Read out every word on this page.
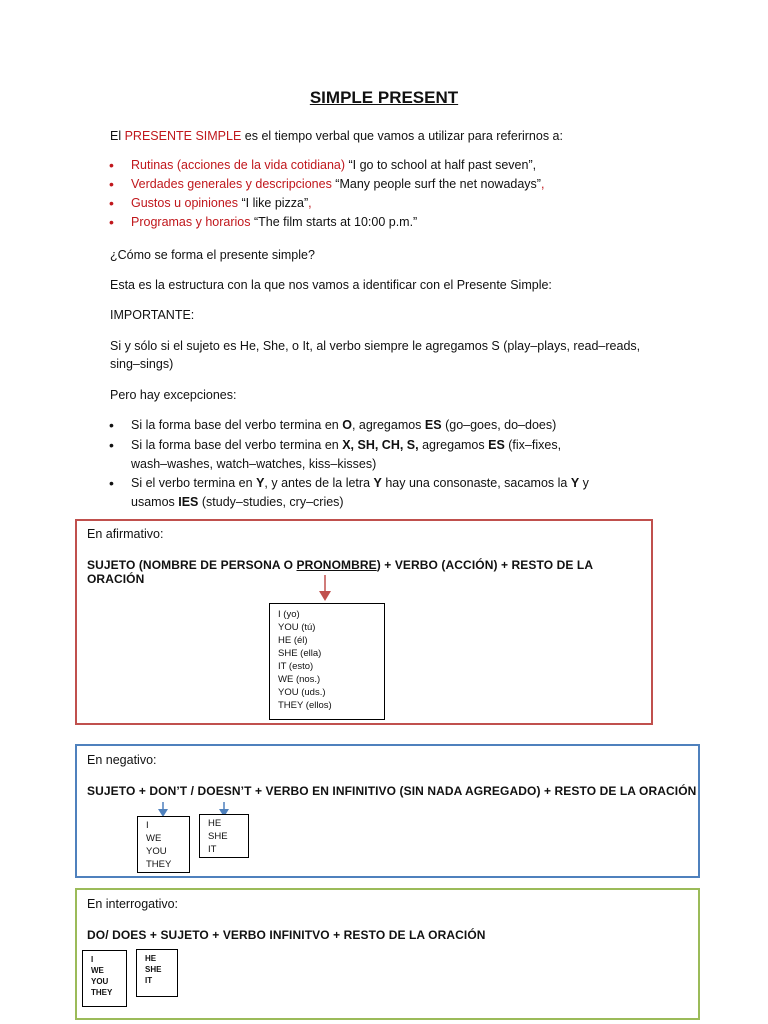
SIMPLE PRESENT
El PRESENTE SIMPLE es el tiempo verbal que vamos a utilizar para referirnos a:
• Rutinas (acciones de la vida cotidiana) “I go to school at half past seven”,
• Verdades generales y descripciones “Many people surf the net nowadays”,
• Gustos u opiniones “I like pizza”,
• Programas y horarios “The film starts at 10:00 p.m.”
¿Cómo se forma el presente simple?
Esta es la estructura con la que nos vamos a identificar con el Presente Simple:
IMPORTANTE:
Si y sólo si el sujeto es He, She, o It, al verbo siempre le agregamos S (play–plays, read–reads,
sing–sings)
Pero hay excepciones:
• Si la forma base del verbo termina en O, agregamos ES (go–goes, do–does)
• Si la forma base del verbo termina en X, SH, CH, S, agregamos ES (fix–fixes,
wash–washes, watch–watches, kiss–kisses)
• Si el verbo termina en Y, y antes de la letra Y hay una consonaste, sacamos la Y y
usamos IES (study–studies, cry–cries)
En afirmativo:
SUJETO (NOMBRE DE PERSONA O PRONOMBRE) + VERBO (ACCIÓN) + RESTO DE LA ORACIÓN
I (yo)
YOU (tú)
HE (él)
SHE (ella)
IT (esto)
WE (nos.)
YOU (uds.)
THEY (ellos)
En negativo:
SUJETO + DON’T / DOESN’T + VERBO EN INFINITIVO (SIN NADA AGREGADO) + RESTO DE LA ORACIÓN
I
WE
YOU
THEY
HE
SHE
IT
En interrogativo:
DO/ DOES + SUJETO + VERBO INFINITVO + RESTO DE LA ORACIÓN
I
WE
YOU
THEY
HE
SHE
IT
